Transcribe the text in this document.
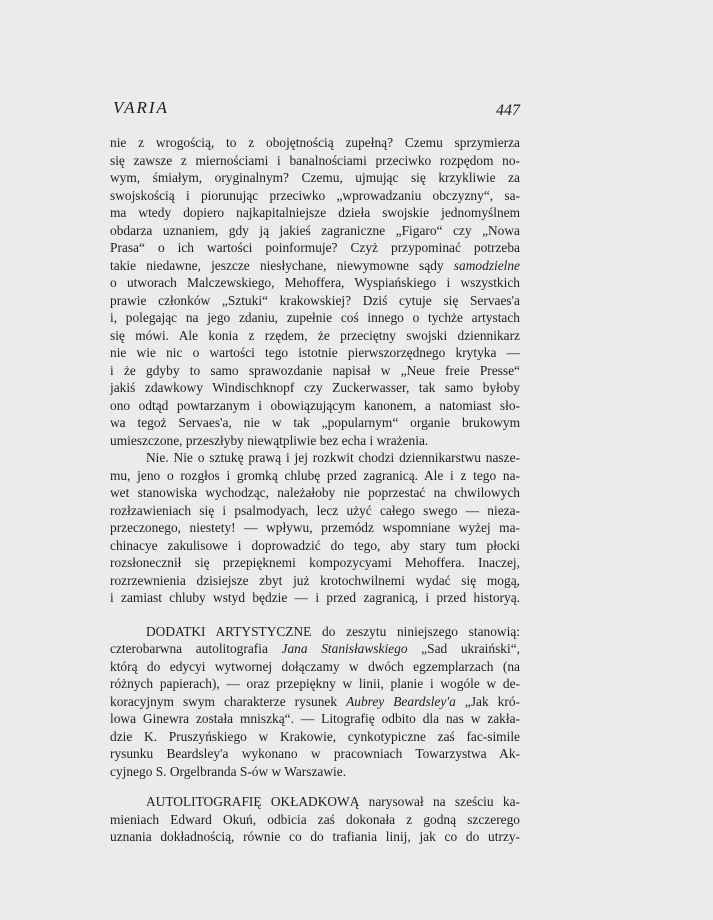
VARIA	447
nie z wrogością, to z obojętnością zupełną? Czemu sprzymierza
się zawsze z miernościami i banalnościami przeciwko rozpędom no-
wym, śmiałym, oryginalnym? Czemu, ujmując się krzykliwie za
swojskością i piorunując przeciwko „wprowadzaniu obczyzny“, sa-
ma wtedy dopiero najkapitalniejsze dzieła swojskie jednomyślnem
obdarza uznaniem, gdy ją jakieś zagraniczne „Figaro“ czy „Nowa
Prasa“ o ich wartości poinformuje? Czyż przypominać potrzeba
takie niedawne, jeszcze niesłychane, niewymowne sądy samodzielne
o utworach Malczewskiego, Mehoffera, Wyspiańskiego i wszystkich
prawie członków „Sztuki“ krakowskiej? Dziś cytuje się Servaes'a
i, polegając na jego zdaniu, zupełnie coś innego o tychże artystach
się mówi. Ale konia z rzędem, że przeciętny swojski dziennikarz
nie wie nic o wartości tego istotnie pierwszorzędnego krytyka —
i że gdyby to samo sprawozdanie napisał w „Neue freie Presse“
jakiś zdawkowy Windischknopf czy Zuckerwasser, tak samo byłoby
ono odtąd powtarzanym i obowiązującym kanonem, a natomiast sło-
wa tegoż Servaes'a, nie w tak „popularnym“ organie brukowym
umieszczone, przeszłyby niewątpliwie bez echa i wrażenia.
Nie. Nie o sztukę prawą i jej rozkwit chodzi dziennikarstwu nasze-
mu, jeno o rozgłos i gromką chlubę przed zagranicą. Ale i z tego na-
wet stanowiska wychodząc, należałoby nie poprzestać na chwilowych
rozłzawieniach się i psalmodyach, lecz użyć całego swego — nieza-
przeczonego, niestety! — wpływu, przemódz wspomniane wyżej ma-
chinacye zakulisowe i doprowadzić do tego, aby stary tum płocki
rozsłonecznił się przepięknemi kompozycyami Mehoffera. Inaczej,
rozrzewnienia dzisiejsze zbyt już krotochwilnemi wydać się mogą,
i zamiast chluby wstyd będzie — i przed zagranicą, i przed historyą.
DODATKI ARTYSTYCZNE do zeszytu niniejszego stanowią:
czterobarwna autolitografia Jana Stanisławskiego „Sad ukraiński“,
którą do edycyi wytwornej dołączamy w dwóch egzemplarzach (na
różnych papierach), — oraz przepiękny w linii, planie i wogóle w de-
koracyjnym swym charakterze rysunek Aubrey Beardsley'a „Jak kró-
lowa Ginewra została mniszką“. — Litografię odbito dla nas w zakła-
dzie K. Pruszyńskiego w Krakowie, cynkotypiczne zaś fac-simile
rysunku Beardsley'a wykonano w pracowniach Towarzystwa Ak-
cyjnego S. Orgelbranda S-ów w Warszawie.
AUTOLITOGRAFIĘ OKŁADKOWĄ narysował na sześciu ka-
mieniach Edward Okuń, odbicia zaś dokonała z godną szczerego
uznania dokładnością, równie co do trafiania linij, jak co do utrzy-
